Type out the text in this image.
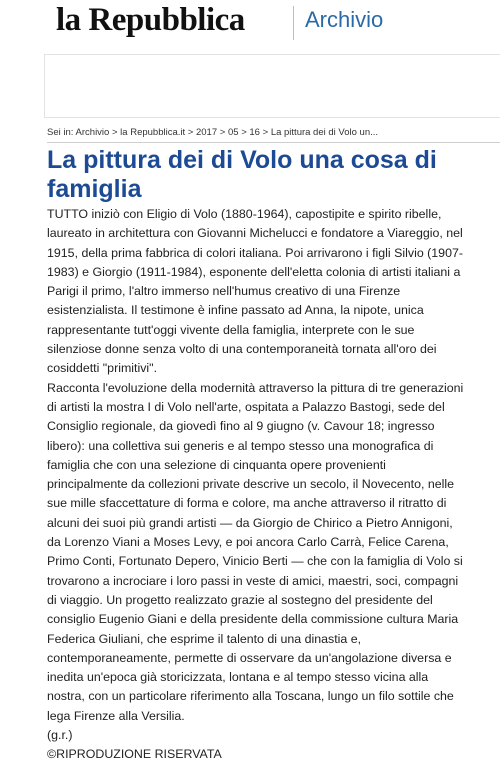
la Repubblica	Archivio
Sei in: Archivio > la Repubblica.it > 2017 > 05 > 16 > La pittura dei di Volo un...
La pittura dei di Volo una cosa di famiglia

TUTTO iniziò con Eligio di Volo (1880-1964), capostipite e spirito ribelle, laureato in architettura con Giovanni Michelucci e fondatore a Viareggio, nel 1915, della prima fabbrica di colori italiana. Poi arrivarono i figli Silvio (1907-1983) e Giorgio (1911-1984), esponente dell'eletta colonia di artisti italiani a Parigi il primo, l'altro immerso nell'humus creativo di una Firenze esistenzialista. Il testimone è infine passato ad Anna, la nipote, unica rappresentante tutt'oggi vivente della famiglia, interprete con le sue silenziose donne senza volto di una contemporaneità tornata all'oro dei cosiddetti "primitivi".

Racconta l'evoluzione della modernità attraverso la pittura di tre generazioni di artisti la mostra I di Volo nell'arte, ospitata a Palazzo Bastogi, sede del Consiglio regionale, da giovedì fino al 9 giugno (v. Cavour 18; ingresso libero): una collettiva sui generis e al tempo stesso una monografica di famiglia che con una selezione di cinquanta opere provenienti principalmente da collezioni private descrive un secolo, il Novecento, nelle sue mille sfaccettature di forma e colore, ma anche attraverso il ritratto di alcuni dei suoi più grandi artisti — da Giorgio de Chirico a Pietro Annigoni, da Lorenzo Viani a Moses Levy, e poi ancora Carlo Carrà, Felice Carena, Primo Conti, Fortunato Depero, Vinicio Berti — che con la famiglia di Volo si trovarono a incrociare i loro passi in veste di amici, maestri, soci, compagni di viaggio. Un progetto realizzato grazie al sostegno del presidente del consiglio Eugenio Giani e della presidente della commissione cultura Maria Federica Giuliani, che esprime il talento di una dinastia e, contemporaneamente, permette di osservare da un'angolazione diversa e inedita un'epoca già storicizzata, lontana e al tempo stesso vicina alla nostra, con un particolare riferimento alla Toscana, lungo un filo sottile che lega Firenze alla Versilia.

(g.r.)

©RIPRODUZIONE RISERVATA
